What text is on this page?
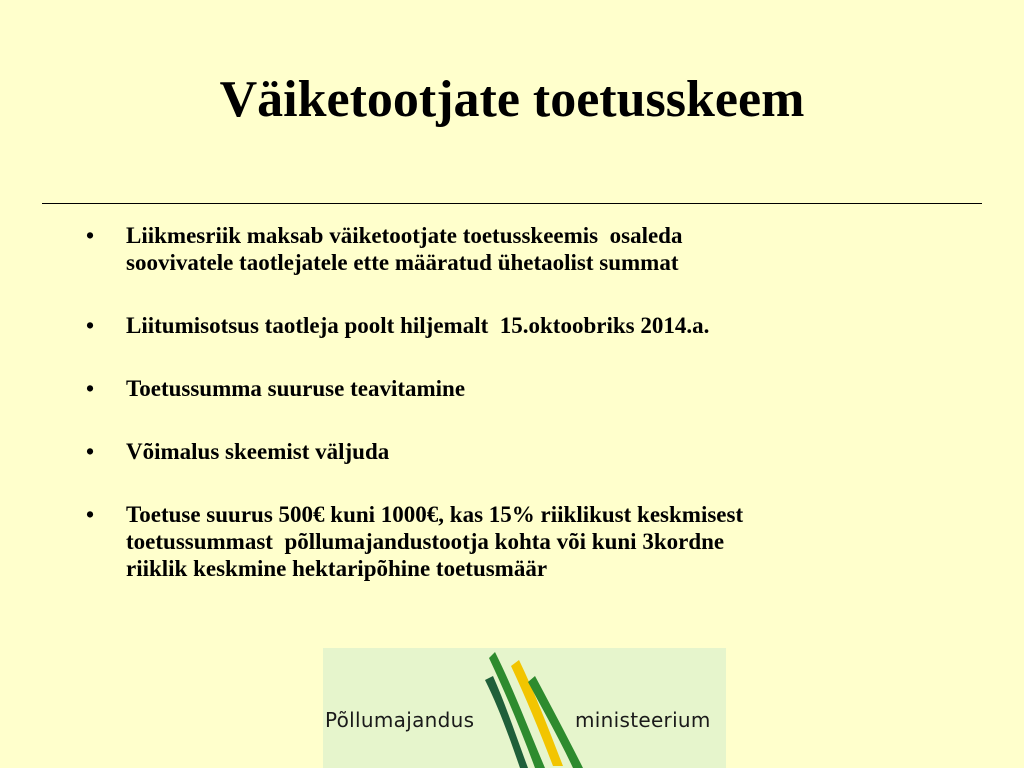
Väiketootjate toetusskeem
• Liikmesriik maksab väiketootjate toetusskeemis  osaleda
soovivatele taotlejatele ette määratud ühetaolist summat
• Liitumisotsus taotleja poolt hiljemalt  15.oktoobriks 2014.a.
• Toetussumma suuruse teavitamine
• Võimalus skeemist väljuda
• Toetuse suurus 500€ kuni 1000€, kas 15% riiklikust keskmisest
toetussummast  põllumajandustootja kohta või kuni 3kordne
riiklik keskmine hektaripõhine toetusmäär
Põllumajandus	ministeerium
